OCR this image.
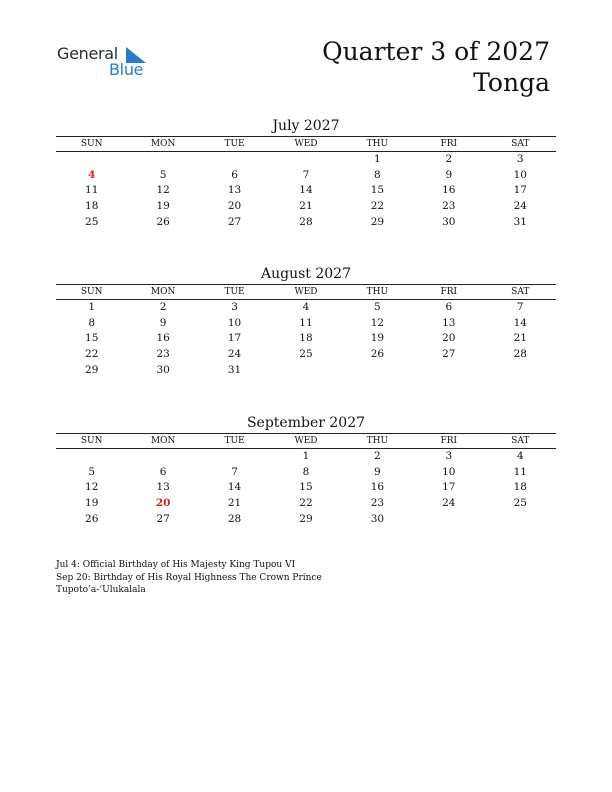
General
Blue
Quarter 3 of 2027
Tonga
July 2027
SUN	MON	TUE	WED	THU	FRI	SAT
				1	2	3
4	5	6	7	8	9	10
11	12	13	14	15	16	17
18	19	20	21	22	23	24
25	26	27	28	29	30	31
August 2027
SUN	MON	TUE	WED	THU	FRI	SAT
1	2	3	4	5	6	7
8	9	10	11	12	13	14
15	16	17	18	19	20	21
22	23	24	25	26	27	28
29	30	31				
September 2027
SUN	MON	TUE	WED	THU	FRI	SAT
			1	2	3	4
5	6	7	8	9	10	11
12	13	14	15	16	17	18
19	20	21	22	23	24	25
26	27	28	29	30		
Jul 4: Official Birthday of His Majesty King Tupou VI
Sep 20: Birthday of His Royal Highness The Crown Prince Tupoto’a-‘Ulukalala
